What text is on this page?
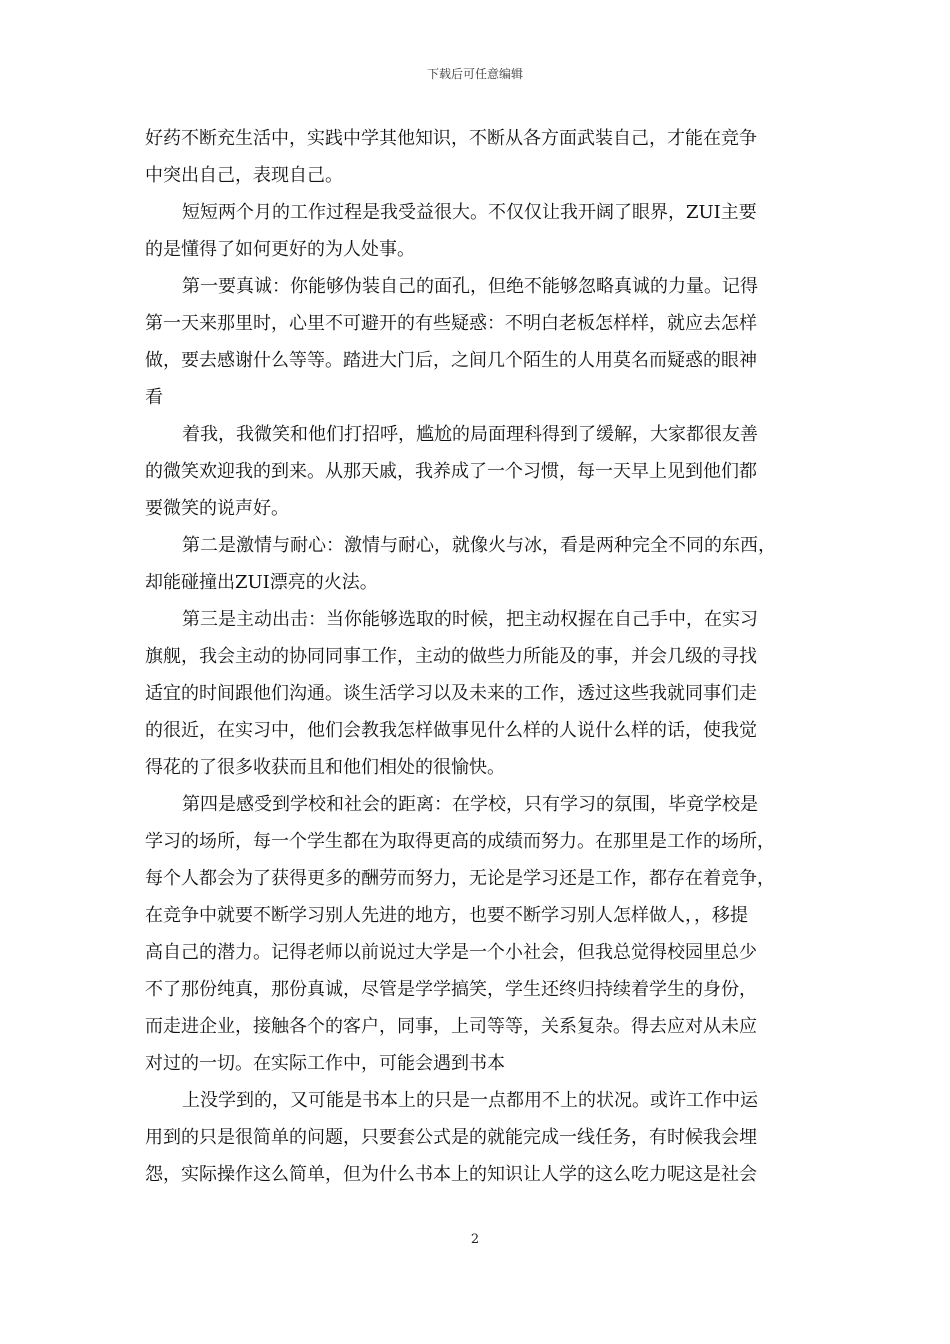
下载后可任意编辑
好药不断充生活中，实践中学其他知识，不断从各方面武装自己，才能在竞争
中突出自己，表现自己。
短短两个月的工作过程是我受益很大。不仅仅让我开阔了眼界，ZUI主要
的是懂得了如何更好的为人处事。
第一要真诚：你能够伪装自己的面孔，但绝不能够忽略真诚的力量。记得
第一天来那里时，心里不可避开的有些疑惑：不明白老板怎样样，就应去怎样
做，要去感谢什么等等。踏进大门后，之间几个陌生的人用莫名而疑惑的眼神
看
着我，我微笑和他们打招呼，尴尬的局面理科得到了缓解，大家都很友善
的微笑欢迎我的到来。从那天戚，我养成了一个习惯，每一天早上见到他们都
要微笑的说声好。
第二是激情与耐心：激情与耐心，就像火与冰，看是两种完全不同的东西，
却能碰撞出ZUI漂亮的火法。
第三是主动出击：当你能够选取的时候，把主动权握在自己手中，在实习
旗舰，我会主动的协同同事工作，主动的做些力所能及的事，并会几级的寻找
适宜的时间跟他们沟通。谈生活学习以及未来的工作，透过这些我就同事们走
的很近，在实习中，他们会教我怎样做事见什么样的人说什么样的话，使我觉
得花的了很多收获而且和他们相处的很愉快。
第四是感受到学校和社会的距离：在学校，只有学习的氛围，毕竟学校是
学习的场所，每一个学生都在为取得更高的成绩而努力。在那里是工作的场所，
每个人都会为了获得更多的酬劳而努力，无论是学习还是工作，都存在着竞争，
在竞争中就要不断学习别人先进的地方，也要不断学习别人怎样做人，，移提
高自己的潜力。记得老师以前说过大学是一个小社会，但我总觉得校园里总少
不了那份纯真，那份真诚，尽管是学学搞笑，学生还终归持续着学生的身份，
而走进企业，接触各个的客户，同事，上司等等，关系复杂。得去应对从未应
对过的一切。在实际工作中，可能会遇到书本
上没学到的，又可能是书本上的只是一点都用不上的状况。或许工作中运
用到的只是很简单的问题，只要套公式是的就能完成一线任务，有时候我会埋
怨，实际操作这么简单，但为什么书本上的知识让人学的这么吃力呢这是社会
2
